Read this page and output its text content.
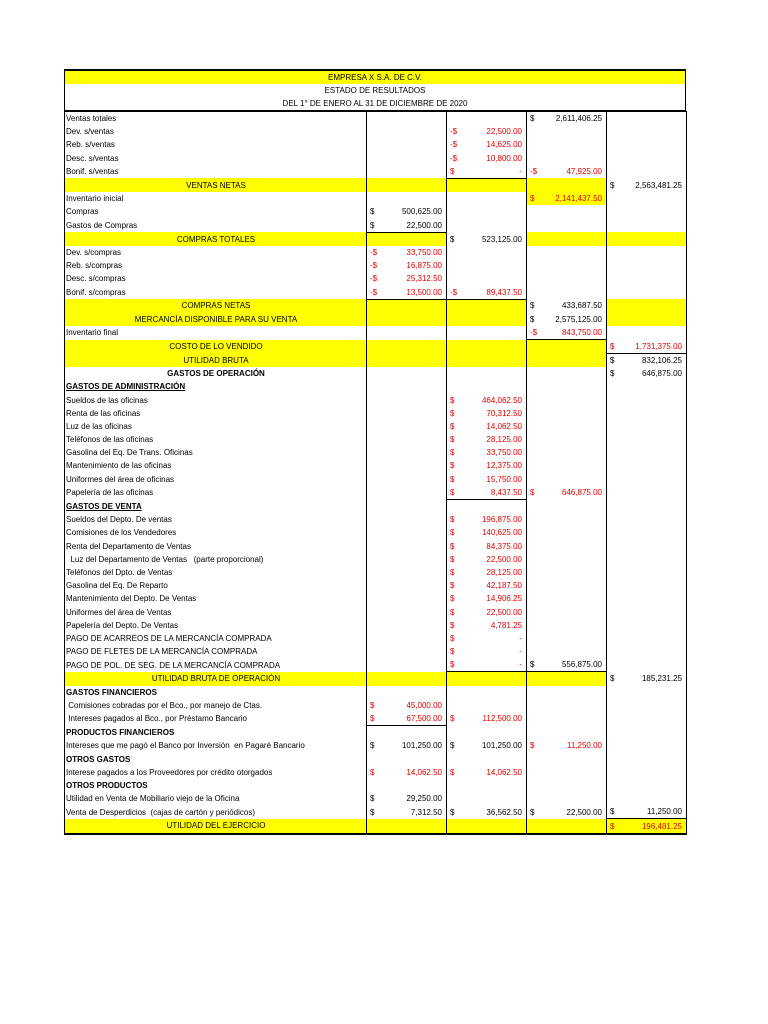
EMPRESA X S.A. DE C.V.
ESTADO DE RESULTADOS
DEL 1° DE ENERO AL 31 DE DICIEMBRE DE 2020
Ventas totales			$ 2,611,406.25	

Dev. s/ventas		-$ 22,500.00		

Reb. s/ventas		-$ 14,625.00		

Desc. s/ventas		-$ 10,800.00		

Bonif. s/ventas		$ -	-$ 47,925.00	

VENTAS NETAS				$ 2,563,481.25

Inventario inicial			$ 2,141,437.50	

Compras	$ 500,625.00			

Gastos de Compras	$ 22,500.00			

COMPRAS TOTALES		$ 523,125.00		

Dev. s/compras	-$ 33,750.00			

Reb. s/compras	-$ 16,875.00			

Desc. s/compras	-$ 25,312.50			

Bonif. s/compras	-$ 13,500.00	-$ 89,437.50		

COMPRAS NETAS			$ 433,687.50	

MERCANCÍA DISPONIBLE PARA SU VENTA			$ 2,575,125.00	

Inventario final			-$ 843,750.00	

COSTO DE LO VENDIDO				$ 1,731,375.00

UTILIDAD BRUTA				$ 832,106.25

GASTOS DE OPERACIÓN				$ 646,875.00

GASTOS DE ADMINISTRACIÓN				
Sueldos de las oficinas		$ 464,062.50		

Renta de las oficinas		$ 70,312.50		

Luz de las oficinas		$ 14,062.50		

Teléfonos de las oficinas		$ 28,125.00		

Gasolina del Eq. De Trans. Oficinas		$ 33,750.00		

Mantenimiento de las oficinas		$ 12,375.00		

Uniformes del área de oficinas		$ 15,750.00		

Papelería de las oficinas		$ 8,437.50	$ 646,875.00	

GASTOS DE VENTA				
Sueldos del Depto. De ventas		$ 196,875.00		

Comisiones de los Vendedores		$ 140,625.00		

Renta del Departamento de Ventas		$ 84,375.00		

Luz del Departamento de Ventas   (parte proporcional)		$ 22,500.00		

Teléfonos del Dpto. de Ventas		$ 28,125.00		

Gasolina del Eq. De Reparto		$ 42,187.50		

Mantenimiento del Depto. De Ventas		$ 14,906.25		

Uniformes del área de Ventas		$ 22,500.00		

Papelería del Depto. De Ventas		$ 4,781.25		

PAGO DE ACARREOS DE LA MERCANCÍA COMPRADA		$ -		

PAGO DE FLETES DE LA MERCANCÍA COMPRADA		$ -		

PAGO DE POL. DE SEG. DE LA MERCANCÍA COMPRADA		$ -	$ 556,875.00	

UTILIDAD BRUTA DE OPERACIÓN				$ 185,231.25

GASTOS FINANCIEROS				
Comisiones cobradas por el Bco., por manejo de Ctas.	$ 45,000.00			

Intereses pagados al Bco., por Préstamo Bancario	$ 67,500.00	$ 112,500.00		

PRODUCTOS FINANCIEROS				
Intereses que me pagó el Banco por Inversión  en Pagaré Bancario	$ 101,250.00	$ 101,250.00	$ 11,250.00	

OTROS GASTOS				
Interese pagados a los Proveedores por crédito otorgados	$ 14,062.50	$ 14,062.50		

OTROS PRODUCTOS				
Utilidad en Venta de Mobiliario viejo de la Oficina	$ 29,250.00			

Venta de Desperdicios  (cajas de cartón y periódicos)	$ 7,312.50	$ 36,562.50	$ 22,500.00	$ 11,250.00

UTILIDAD DEL EJERCICIO				$ 196,481.25
